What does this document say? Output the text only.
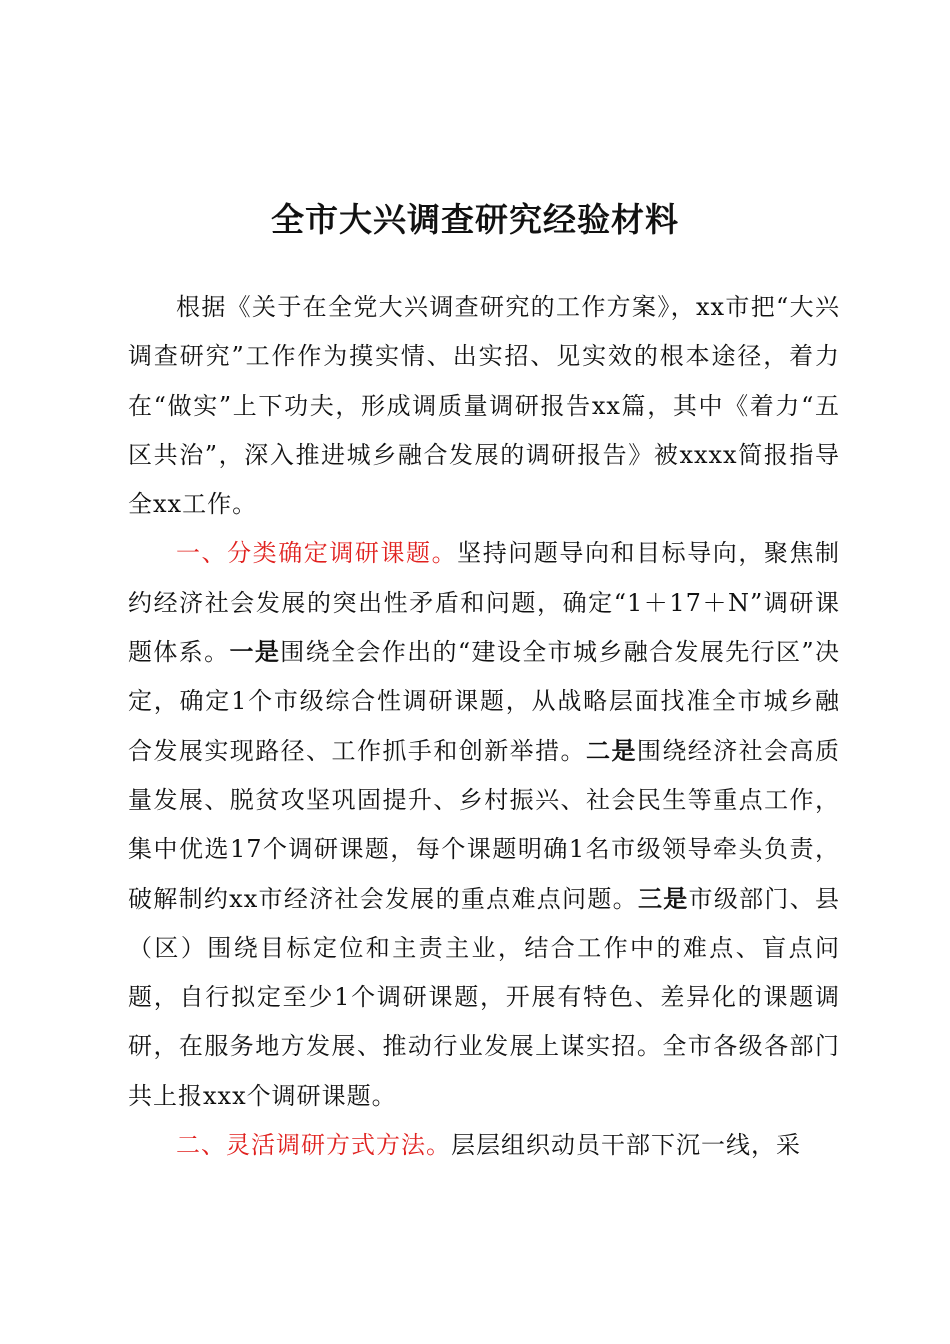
全市大兴调查研究经验材料

根据《关于在全党大兴调查研究的工作方案》，xx市把“大兴调查研究”工作作为摸实情、出实招、见实效的根本途径，着力在“做实”上下功夫，形成调质量调研报告xx篇，其中《着力“五区共治”，深入推进城乡融合发展的调研报告》被xxxx简报指导全xx工作。

一、分类确定调研课题。坚持问题导向和目标导向，聚焦制约经济社会发展的突出性矛盾和问题，确定“1＋17＋N”调研课题体系。一是围绕全会作出的“建设全市城乡融合发展先行区”决定，确定1个市级综合性调研课题，从战略层面找准全市城乡融合发展实现路径、工作抓手和创新举措。二是围绕经济社会高质量发展、脱贫攻坚巩固提升、乡村振兴、社会民生等重点工作，集中优选17个调研课题，每个课题明确1名市级领导牵头负责，破解制约xx市经济社会发展的重点难点问题。三是市级部门、县（区）围绕目标定位和主责主业，结合工作中的难点、盲点问题，自行拟定至少1个调研课题，开展有特色、差异化的课题调研，在服务地方发展、推动行业发展上谋实招。全市各级各部门共上报xxx个调研课题。

二、灵活调研方式方法。层层组织动员干部下沉一线，采
